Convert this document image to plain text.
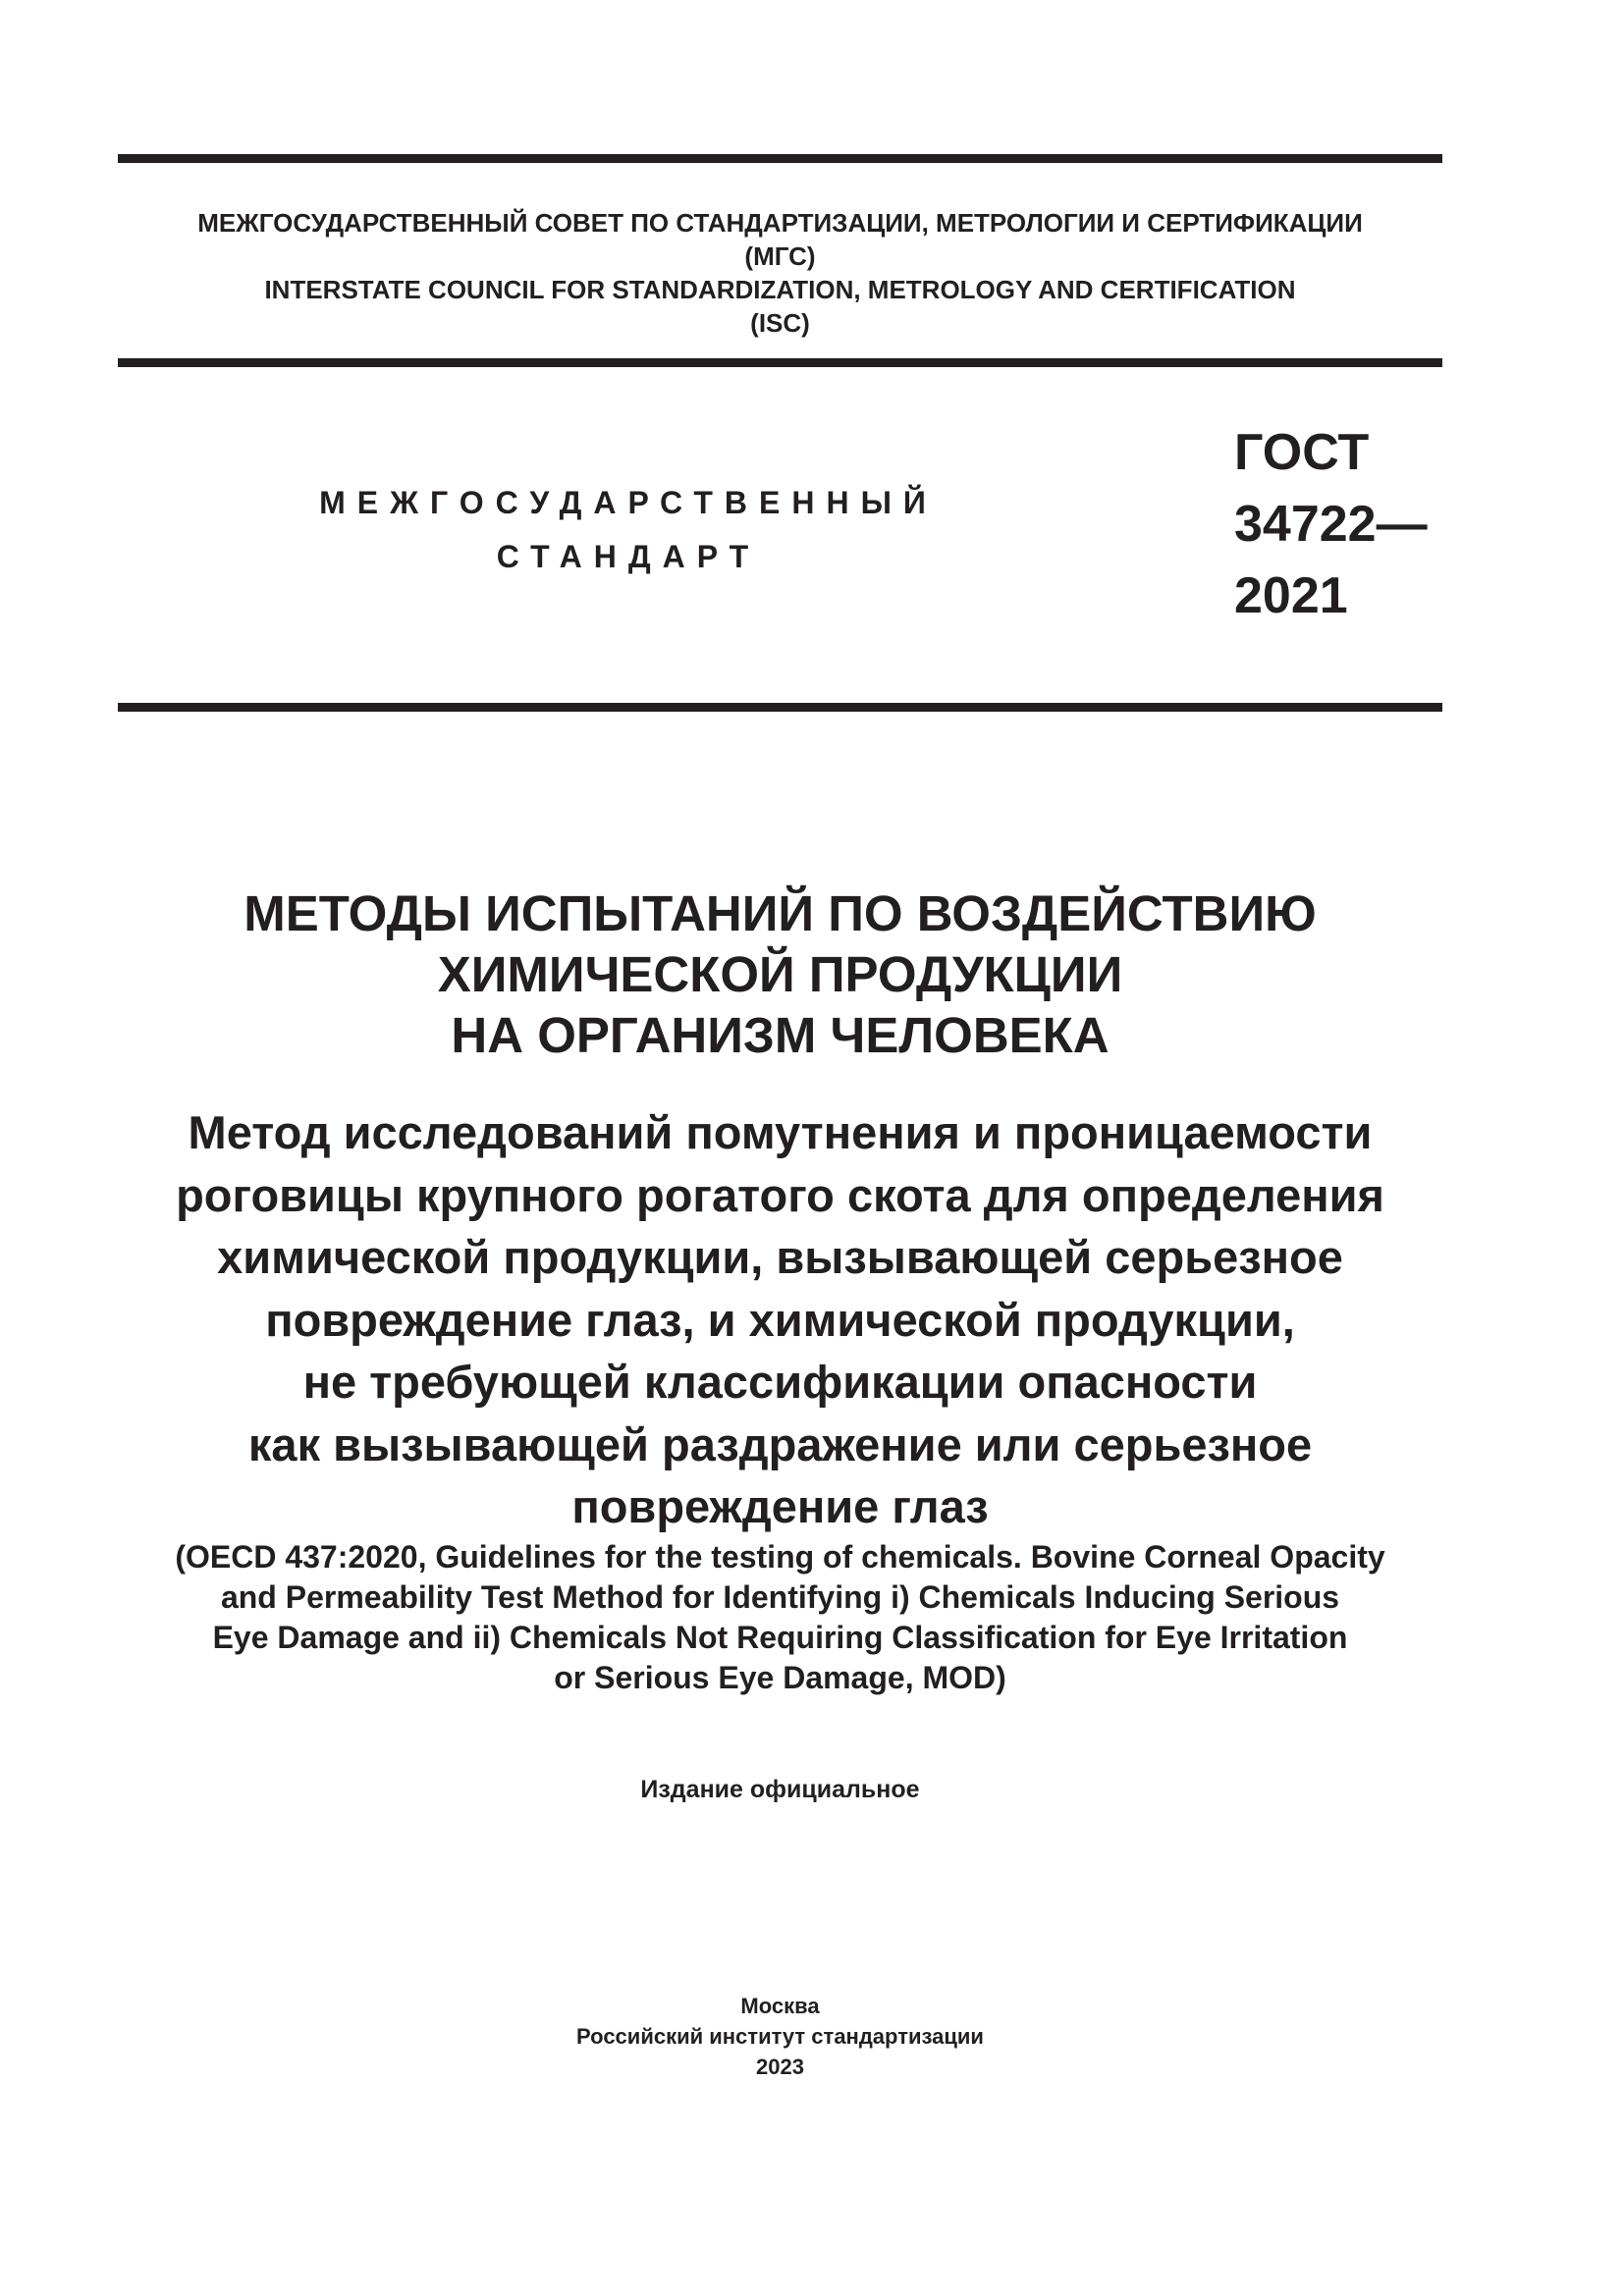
МЕЖГОСУДАРСТВЕННЫЙ СОВЕТ ПО СТАНДАРТИЗАЦИИ, МЕТРОЛОГИИ И СЕРТИФИКАЦИИ
(МГС)
INTERSTATE COUNCIL FOR STANDARDIZATION, METROLOGY AND CERTIFICATION
(ISC)
МЕЖГОСУДАРСТВЕННЫЙ
СТАНДАРТ
ГОСТ
34722—
2021
МЕТОДЫ ИСПЫТАНИЙ ПО ВОЗДЕЙСТВИЮ
ХИМИЧЕСКОЙ ПРОДУКЦИИ
НА ОРГАНИЗМ ЧЕЛОВЕКА
Метод исследований помутнения и проницаемости
роговицы крупного рогатого скота для определения
химической продукции, вызывающей серьезное
повреждение глаз, и химической продукции,
не требующей классификации опасности
как вызывающей раздражение или серьезное
повреждение глаз
(OECD 437:2020, Guidelines for the testing of chemicals. Bovine Corneal Opacity
and Permeability Test Method for Identifying i) Chemicals Inducing Serious
Eye Damage and ii) Chemicals Not Requiring Classification for Eye Irritation
or Serious Eye Damage, MOD)
Издание официальное
Москва
Российский институт стандартизации
2023
